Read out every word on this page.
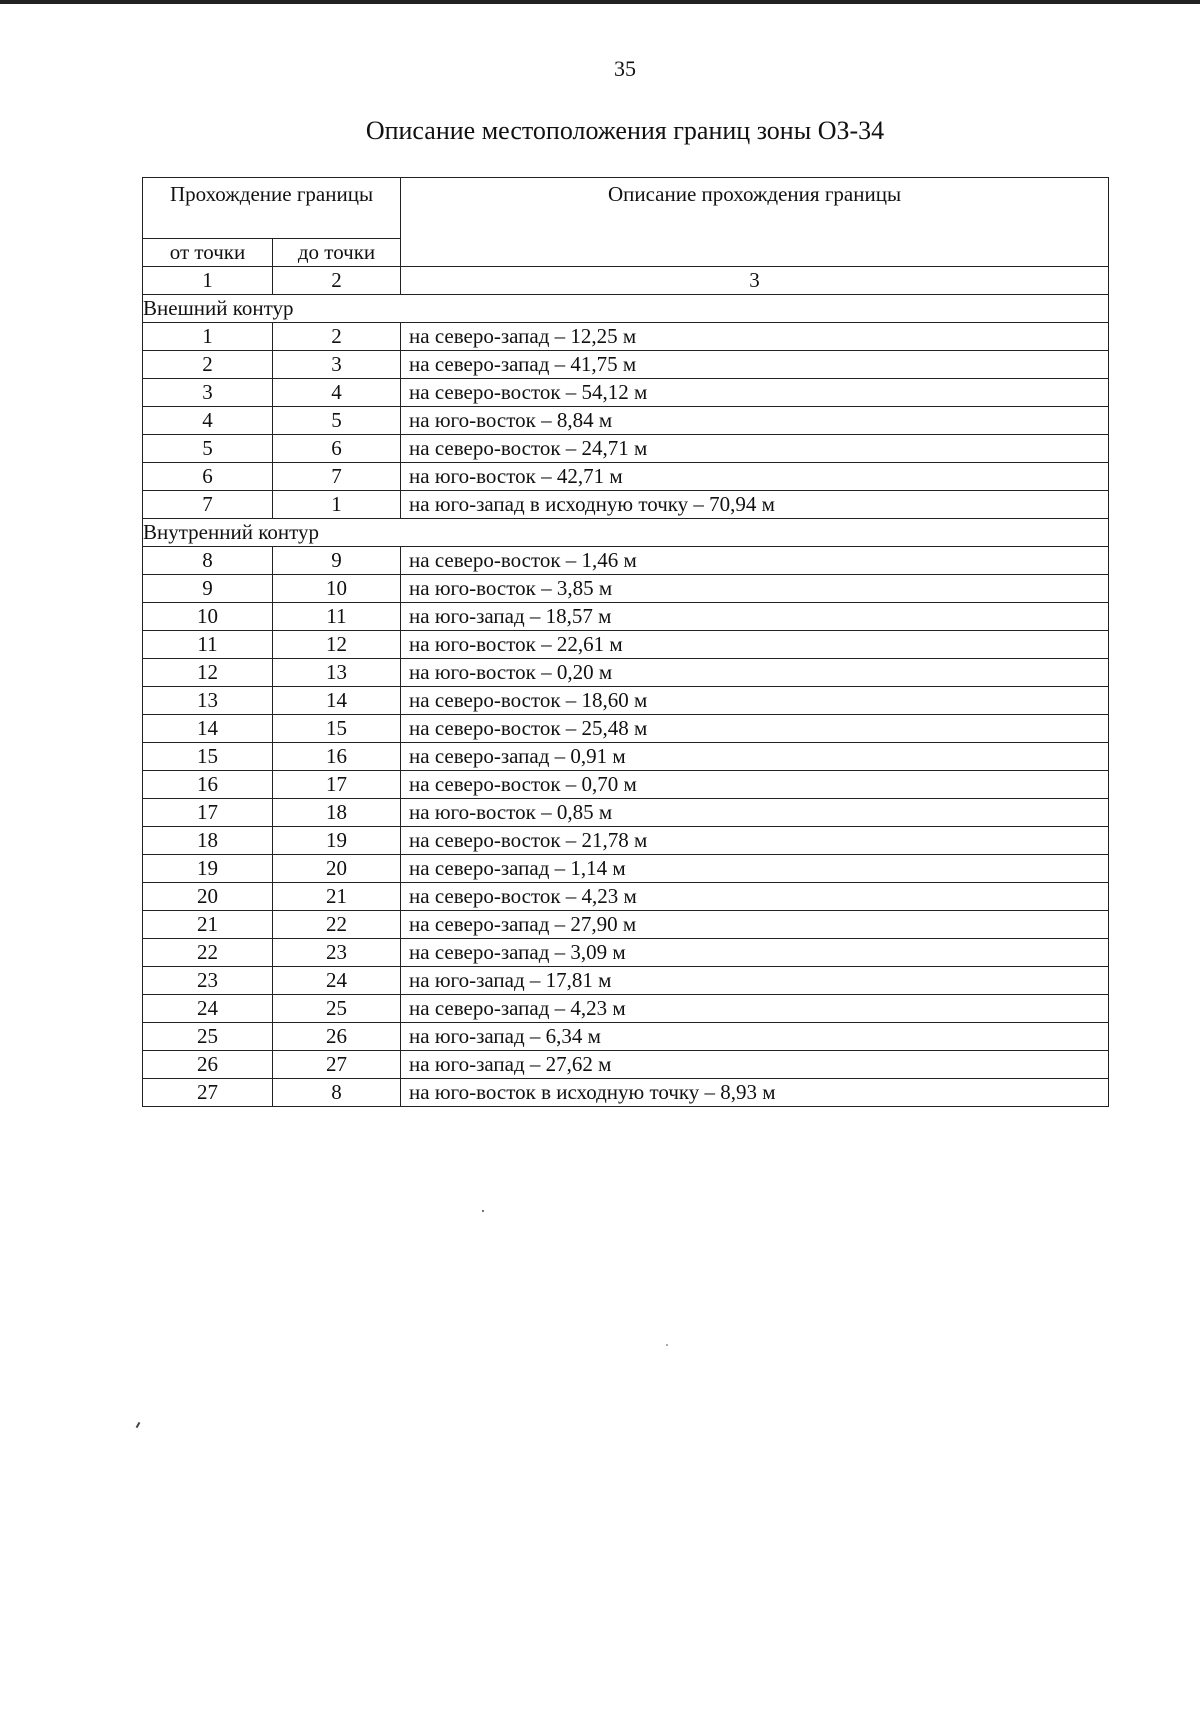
35
Описание местоположения границ зоны ОЗ-34
Прохождение границы		Описание прохождения границы
от точки	до точки	
1	2	3
Внешний контур		
1	2	на северо-запад – 12,25 м
2	3	на северо-запад – 41,75 м
3	4	на северо-восток – 54,12 м
4	5	на юго-восток – 8,84 м
5	6	на северо-восток – 24,71 м
6	7	на юго-восток – 42,71 м
7	1	на юго-запад в исходную точку – 70,94 м
Внутренний контур		
8	9	на северо-восток – 1,46 м
9	10	на юго-восток – 3,85 м
10	11	на юго-запад – 18,57 м
11	12	на юго-восток – 22,61 м
12	13	на юго-восток – 0,20 м
13	14	на северо-восток – 18,60 м
14	15	на северо-восток – 25,48 м
15	16	на северо-запад – 0,91 м
16	17	на северо-восток – 0,70 м
17	18	на юго-восток – 0,85 м
18	19	на северо-восток – 21,78 м
19	20	на северо-запад – 1,14 м
20	21	на северо-восток – 4,23 м
21	22	на северо-запад – 27,90 м
22	23	на северо-запад – 3,09 м
23	24	на юго-запад – 17,81 м
24	25	на северо-запад – 4,23 м
25	26	на юго-запад – 6,34 м
26	27	на юго-запад – 27,62 м
27	8	на юго-восток в исходную точку – 8,93 м
